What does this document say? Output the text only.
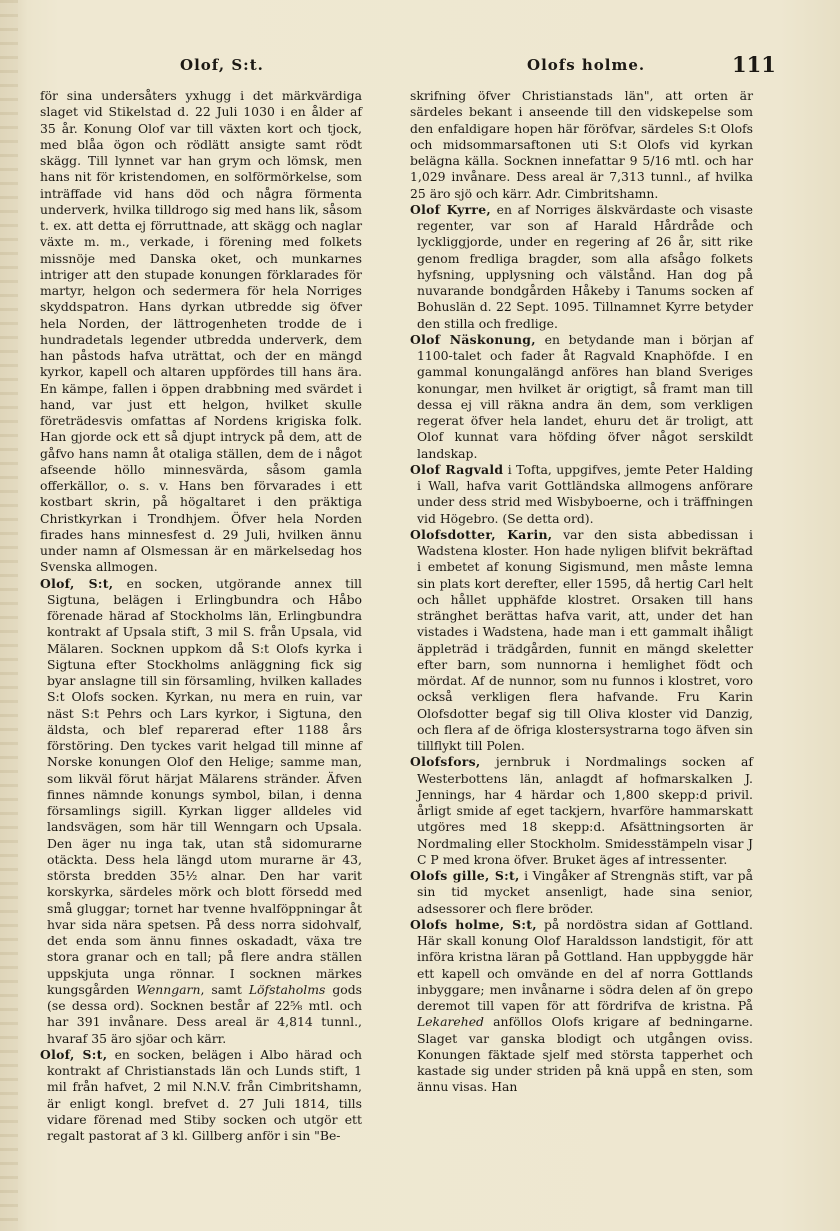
Olof, S:t.	Olofs holme.	111

för sina undersåters yxhugg i det märkvärdiga slaget vid Stikelstad d. 22 Juli 1030 i en ålder af 35 år. Konung Olof var till växten kort och tjock, med blåa ögon och rödlätt ansigte samt rödt skägg. Till lynnet var han grym och lömsk, men hans nit för kristendomen, en solförmörkelse, som inträffade vid hans död och några förmenta underverk, hvilka tilldrogo sig med hans lik, såsom t. ex. att detta ej förruttnade, att skägg och naglar växte m. m., verkade, i förening med folkets missnöje med Danska oket, och munkarnes intriger att den stupade konungen förklarades för martyr, helgon och sedermera för hela Norriges skyddspatron. Hans dyrkan utbredde sig öfver hela Norden, der lättrogenheten trodde de i hundradetals legender utbredda underverk, dem han påstods hafva uträttat, och der en mängd kyrkor, kapell och altaren uppfördes till hans ära. En kämpe, fallen i öppen drabbning med svärdet i hand, var just ett helgon, hvilket skulle företrädesvis omfattas af Nordens krigiska folk. Han gjorde ock ett så djupt intryck på dem, att de gåfvo hans namn åt otaliga ställen, dem de i något afseende höllo minnesvärda, såsom gamla offerkällor, o. s. v. Hans ben förvarades i ett kostbart skrin, på högaltaret i den präktiga Christkyrkan i Trondhjem. Öfver hela Norden firades hans minnesfest d. 29 Juli, hvilken ännu under namn af Olsmessan är en märkelsedag hos Svenska allmogen.

Olof, S:t, en socken, utgörande annex till Sigtuna, belägen i Erlingbundra och Håbo förenade härad af Stockholms län, Erlingbundra kontrakt af Upsala stift, 3 mil S. från Upsala, vid Mälaren. Socknen uppkom då S:t Olofs kyrka i Sigtuna efter Stockholms anläggning fick sig byar anslagne till sin församling, hvilken kallades S:t Olofs socken. Kyrkan, nu mera en ruin, var näst S:t Pehrs och Lars kyrkor, i Sigtuna, den äldsta, och blef reparerad efter 1188 års förstöring. Den tyckes varit helgad till minne af Norske konungen Olof den Helige; samme man, som likväl förut härjat Mälarens stränder. Äfven finnes nämnde konungs symbol, bilan, i denna församlings sigill. Kyrkan ligger alldeles vid landsvägen, som här till Wenngarn och Upsala. Den äger nu inga tak, utan stå sidomurarne otäckta. Dess hela längd utom murarne är 43, största bredden 35½ alnar. Den har varit korskyrka, särdeles mörk och blott försedd med små gluggar; tornet har tvenne hvalföppningar åt hvar sida nära spetsen. På dess norra sidohvalf, det enda som ännu finnes oskadadt, växa tre stora granar och en tall; på flere andra ställen uppskjuta unga rönnar. I socknen märkes kungsgården Wenngarn, samt Löfstaholms gods (se dessa ord). Socknen består af 22⅝ mtl. och har 391 invånare. Dess areal är 4,814 tunnl., hvaraf 35 äro sjöar och kärr.

Olof, S:t, en socken, belägen i Albo härad och kontrakt af Christianstads län och Lunds stift, 1 mil från hafvet, 2 mil N.N.V. från Cimbritshamn, är enligt kongl. brefvet d. 27 Juli 1814, tills vidare förenad med Stiby socken och utgör ett regalt pastorat af 3 kl. Gillberg anför i sin "Be-

skrifning öfver Christianstads län", att orten är särdeles bekant i anseende till den vidskepelse som den enfaldigare hopen här föröfvar, särdeles S:t Olofs och midsommarsaftonen uti S:t Olofs vid kyrkan belägna källa. Socknen innefattar 9 5/16 mtl. och har 1,029 invånare. Dess areal är 7,313 tunnl., af hvilka 25 äro sjö och kärr. Adr. Cimbritshamn.

Olof Kyrre, en af Norriges älskvärdaste och visaste regenter, var son af Harald Hårdråde och lyckliggjorde, under en regering af 26 år, sitt rike genom fredliga bragder, som alla afsågo folkets hyfsning, upplysning och välstånd. Han dog på nuvarande bondgården Håkeby i Tanums socken af Bohuslän d. 22 Sept. 1095. Tillnamnet Kyrre betyder den stilla och fredlige.

Olof Näskonung, en betydande man i början af 1100-talet och fader åt Ragvald Knaphöfde. I en gammal konungalängd anföres han bland Sveriges konungar, men hvilket är origtigt, så framt man till dessa ej vill räkna andra än dem, som verkligen regerat öfver hela landet, ehuru det är troligt, att Olof kunnat vara höfding öfver något serskildt landskap.

Olof Ragvald i Tofta, uppgifves, jemte Peter Halding i Wall, hafva varit Gottländska allmogens anförare under dess strid med Wisbyboerne, och i träffningen vid Högebro. (Se detta ord).

Olofsdotter, Karin, var den sista abbedissan i Wadstena kloster. Hon hade nyligen blifvit bekräftad i embetet af konung Sigismund, men måste lemna sin plats kort derefter, eller 1595, då hertig Carl helt och hållet upphäfde klostret. Orsaken till hans stränghet berättas hafva varit, att, under det han vistades i Wadstena, hade man i ett gammalt ihåligt äppleträd i trädgården, funnit en mängd skeletter efter barn, som nunnorna i hemlighet födt och mördat. Af de nunnor, som nu funnos i klostret, voro också verkligen flera hafvande. Fru Karin Olofsdotter begaf sig till Oliva kloster vid Danzig, och flera af de öfriga klostersystrarna togo äfven sin tillflykt till Polen.

Olofsfors, jernbruk i Nordmalings socken af Westerbottens län, anlagdt af hofmarskalken J. Jennings, har 4 härdar och 1,800 skepp:d privil. årligt smide af eget tackjern, hvarföre hammarskatt utgöres med 18 skepp:d. Afsättningsorten är Nordmaling eller Stockholm. Smidesstämpeln visar J C P med krona öfver. Bruket äges af intressenter.

Olofs gille, S:t, i Vingåker af Strengnäs stift, var på sin tid mycket ansenligt, hade sina senior, adsessorer och flere bröder.

Olofs holme, S:t, på nordöstra sidan af Gottland. Här skall konung Olof Haraldsson landstigit, för att införa kristna läran på Gottland. Han uppbyggde här ett kapell och omvände en del af norra Gottlands inbyggare; men invånarne i södra delen af ön grepo deremot till vapen för att fördrifva de kristna. På Lekarehed anföllos Olofs krigare af bedningarne. Slaget var ganska blodigt och utgången oviss. Konungen fäktade sjelf med största tapperhet och kastade sig under striden på knä uppå en sten, som ännu visas. Han
